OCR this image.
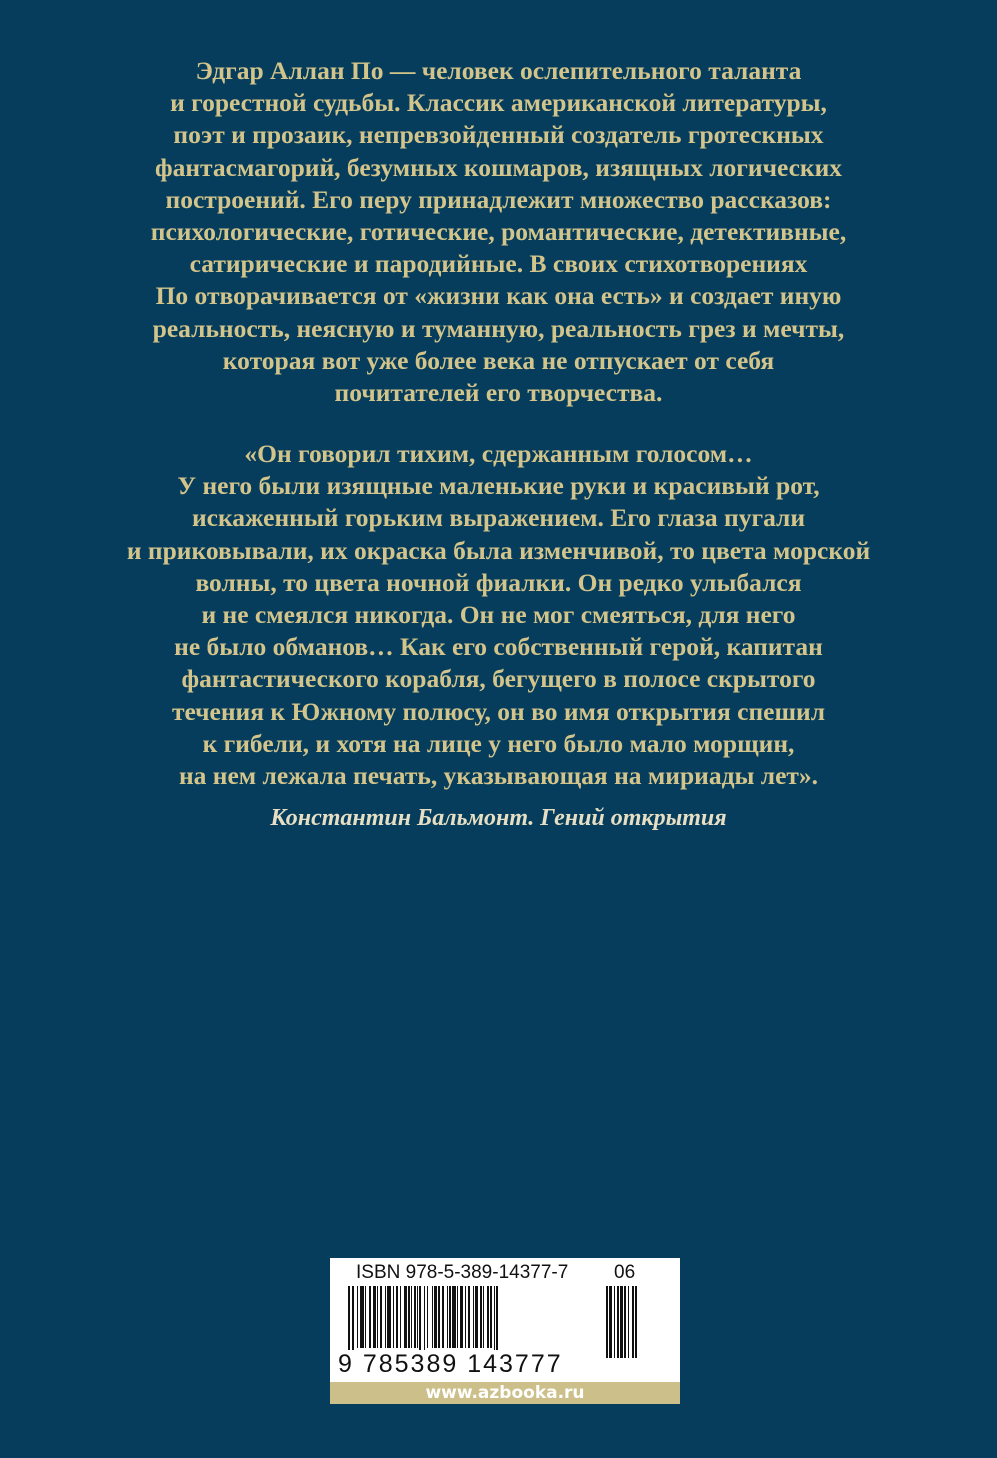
Эдгар Аллан По — человек ослепительного таланта
и горестной судьбы. Классик американской литературы,
поэт и прозаик, непревзойденный создатель гротескных
фантасмагорий, безумных кошмаров, изящных логических
построений. Его перу принадлежит множество рассказов:
психологические, готические, романтические, детективные,
сатирические и пародийные. В своих стихотворениях
По отворачивается от «жизни как она есть» и создает иную
реальность, неясную и туманную, реальность грез и мечты,
которая вот уже более века не отпускает от себя
почитателей его творчества.
«Он говорил тихим, сдержанным голосом…
У него были изящные маленькие руки и красивый рот,
искаженный горьким выражением. Его глаза пугали
и приковывали, их окраска была изменчивой, то цвета морской
волны, то цвета ночной фиалки. Он редко улыбался
и не смеялся никогда. Он не мог смеяться, для него
не было обманов… Как его собственный герой, капитан
фантастического корабля, бегущего в полосе скрытого
течения к Южному полюсу, он во имя открытия спешил
к гибели, и хотя на лице у него было мало морщин,
на нем лежала печать, указывающая на мириады лет».
Константин Бальмонт. Гений открытия
ISBN 978-5-389-14377-7 06
9 785389 143777
www.azbooka.ru
